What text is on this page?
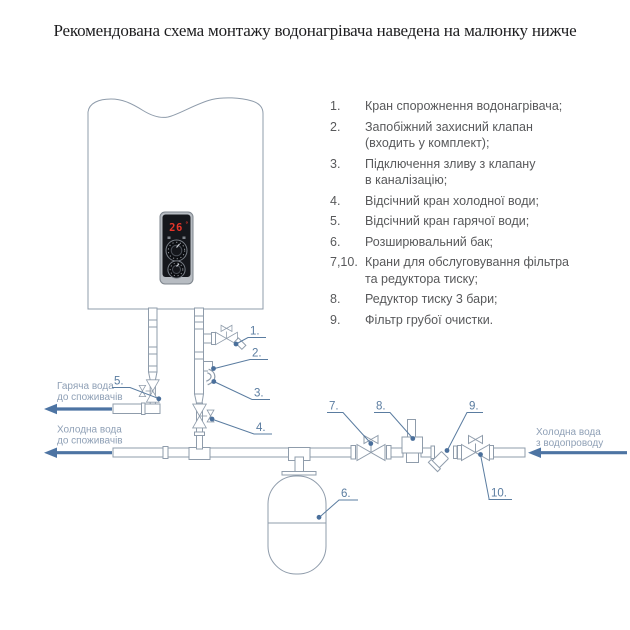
Рекомендована схема монтажу водонагрівача наведена на малюнку нижче
26 °
Гаряча вода
до споживачів
Холодна вода
до споживачів
Холодна вода
з водопроводу
1.
2.
3.
4.
5.
6.
7.	8.	9.
10.
1.	Кран спорожнення водонагрівача;
2.	Запобіжний захисний клапан
(входить у комплект);
3.	Підключення зливу з клапану
в каналізацію;
4.	Відсічний кран холодної води;
5.	Відсічний кран гарячої води;
6.	Розширювальний бак;
7,10. Крани для обслуговування фільтра
та редуктора тиску;
8.	Редуктор тиску 3 бари;
9.	Фільтр грубої очистки.
